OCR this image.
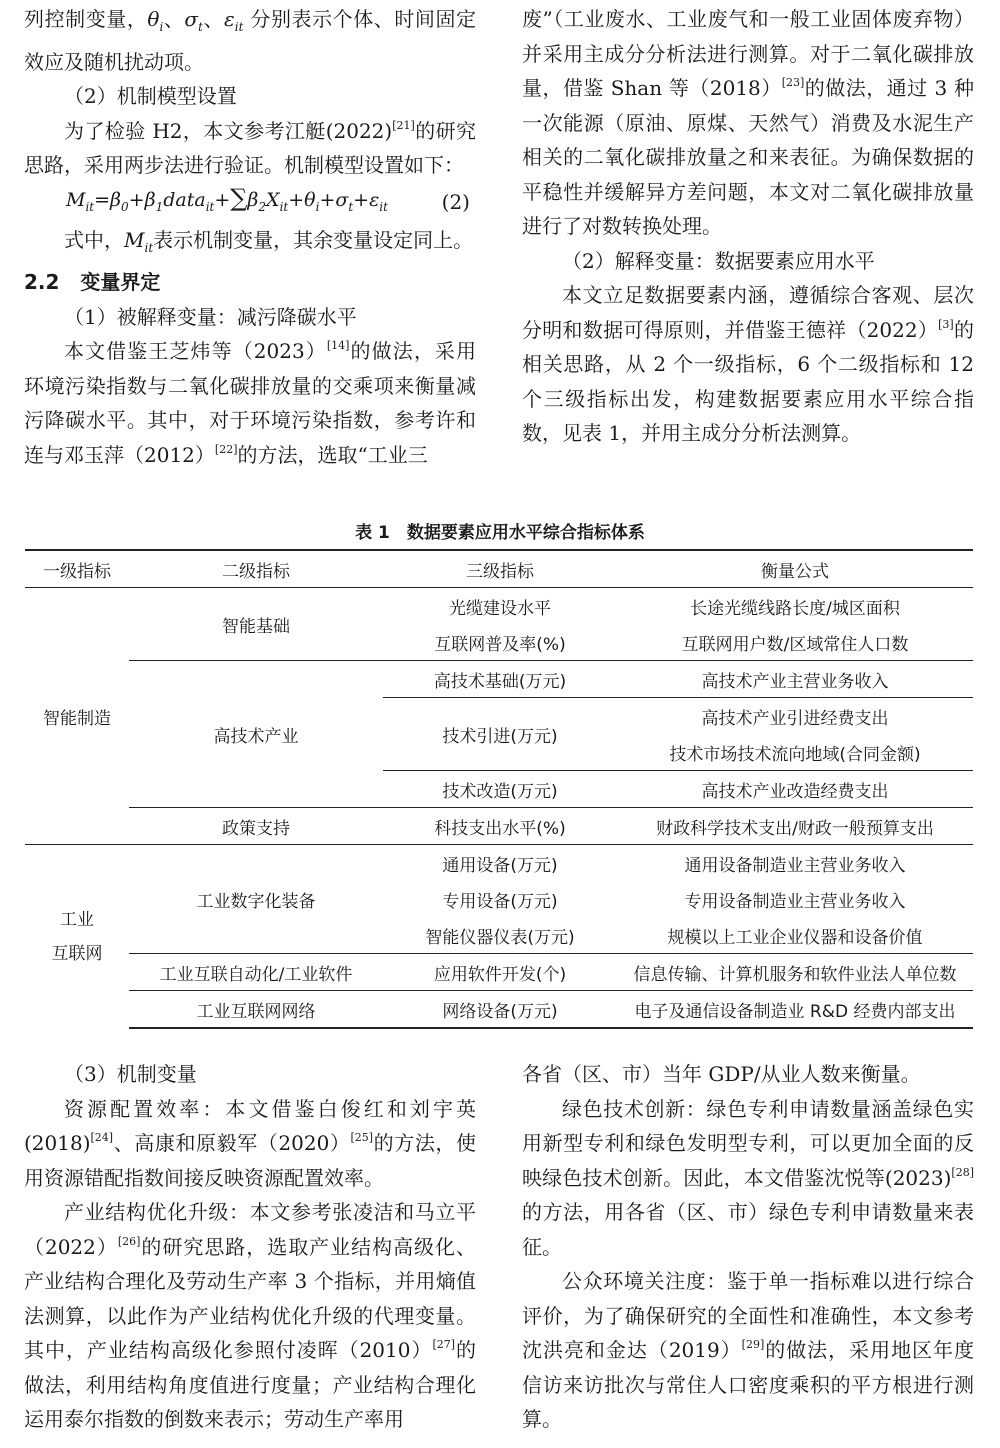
列控制变量，$\theta_i$、$\sigma_t$、$\varepsilon_{it}$ 分别表示个体、时间固定效应及随机扰动项。

（2）机制模型设置

为了检验 H2，本文参考江艇(2022)[21]的研究思路，采用两步法进行验证。机制模型设置如下：

$M_{it}=\beta_0+\beta_1data_{it}+\sum\beta_2X_{it}+\theta_i+\sigma_t+\varepsilon_{it}$	(2)

式中，$M_{it}$表示机制变量，其余变量设定同上。

2.2 变量界定

（1）被解释变量：减污降碳水平

本文借鉴王芝炜等（2023）[14]的做法，采用环境污染指数与二氧化碳排放量的交乘项来衡量减污降碳水平。其中，对于环境污染指数，参考许和连与邓玉萍（2012）[22]的方法，选取“工业三

废”（工业废水、工业废气和一般工业固体废弃物）并采用主成分分析法进行测算。对于二氧化碳排放量，借鉴 Shan 等（2018）[23]的做法，通过 3 种一次能源（原油、原煤、天然气）消费及水泥生产相关的二氧化碳排放量之和来表征。为确保数据的平稳性并缓解异方差问题，本文对二氧化碳排放量进行了对数转换处理。

（2）解释变量：数据要素应用水平

本文立足数据要素内涵，遵循综合客观、层次分明和数据可得原则，并借鉴王德祥（2022）[3]的相关思路，从 2 个一级指标，6 个二级指标和 12 个三级指标出发，构建数据要素应用水平综合指数，见表 1，并用主成分分析法测算。

表 1　数据要素应用水平综合指标体系
一级指标	二级指标	三级指标	衡量公式
智能制造	智能基础	光缆建设水平	长途光缆线路长度/城区面积
		互联网普及率(%)	互联网用户数/区域常住人口数
	高技术产业	高技术基础(万元)	高技术产业主营业务收入
		技术引进(万元)	高技术产业引进经费支出
			技术市场技术流向地域(合同金额)
		技术改造(万元)	高技术产业改造经费支出
	政策支持	科技支出水平(%)	财政科学技术支出/财政一般预算支出
工业
互联网	工业数字化装备	通用设备(万元)	通用设备制造业主营业务收入
		专用设备(万元)	专用设备制造业主营业务收入
		智能仪器仪表(万元)	规模以上工业企业仪器和设备价值
	工业互联自动化/工业软件	应用软件开发(个)	信息传输、计算机服务和软件业法人单位数
	工业互联网网络	网络设备(万元)	电子及通信设备制造业 R&D 经费内部支出

（3）机制变量

资源配置效率：本文借鉴白俊红和刘宇英(2018)[24]、高康和原毅军（2020）[25]的方法，使用资源错配指数间接反映资源配置效率。

产业结构优化升级：本文参考张凌洁和马立平（2022）[26]的研究思路，选取产业结构高级化、产业结构合理化及劳动生产率 3 个指标，并用熵值法测算，以此作为产业结构优化升级的代理变量。其中，产业结构高级化参照付凌晖（2010）[27]的做法，利用结构角度值进行度量；产业结构合理化运用泰尔指数的倒数来表示；劳动生产率用

各省（区、市）当年 GDP/从业人数来衡量。

绿色技术创新：绿色专利申请数量涵盖绿色实用新型专利和绿色发明型专利，可以更加全面的反映绿色技术创新。因此，本文借鉴沈悦等(2023)[28]的方法，用各省（区、市）绿色专利申请数量来表征。

公众环境关注度：鉴于单一指标难以进行综合评价，为了确保研究的全面性和准确性，本文参考沈洪亮和金达（2019）[29]的做法，采用地区年度信访来访批次与常住人口密度乘积的平方根进行测算。
